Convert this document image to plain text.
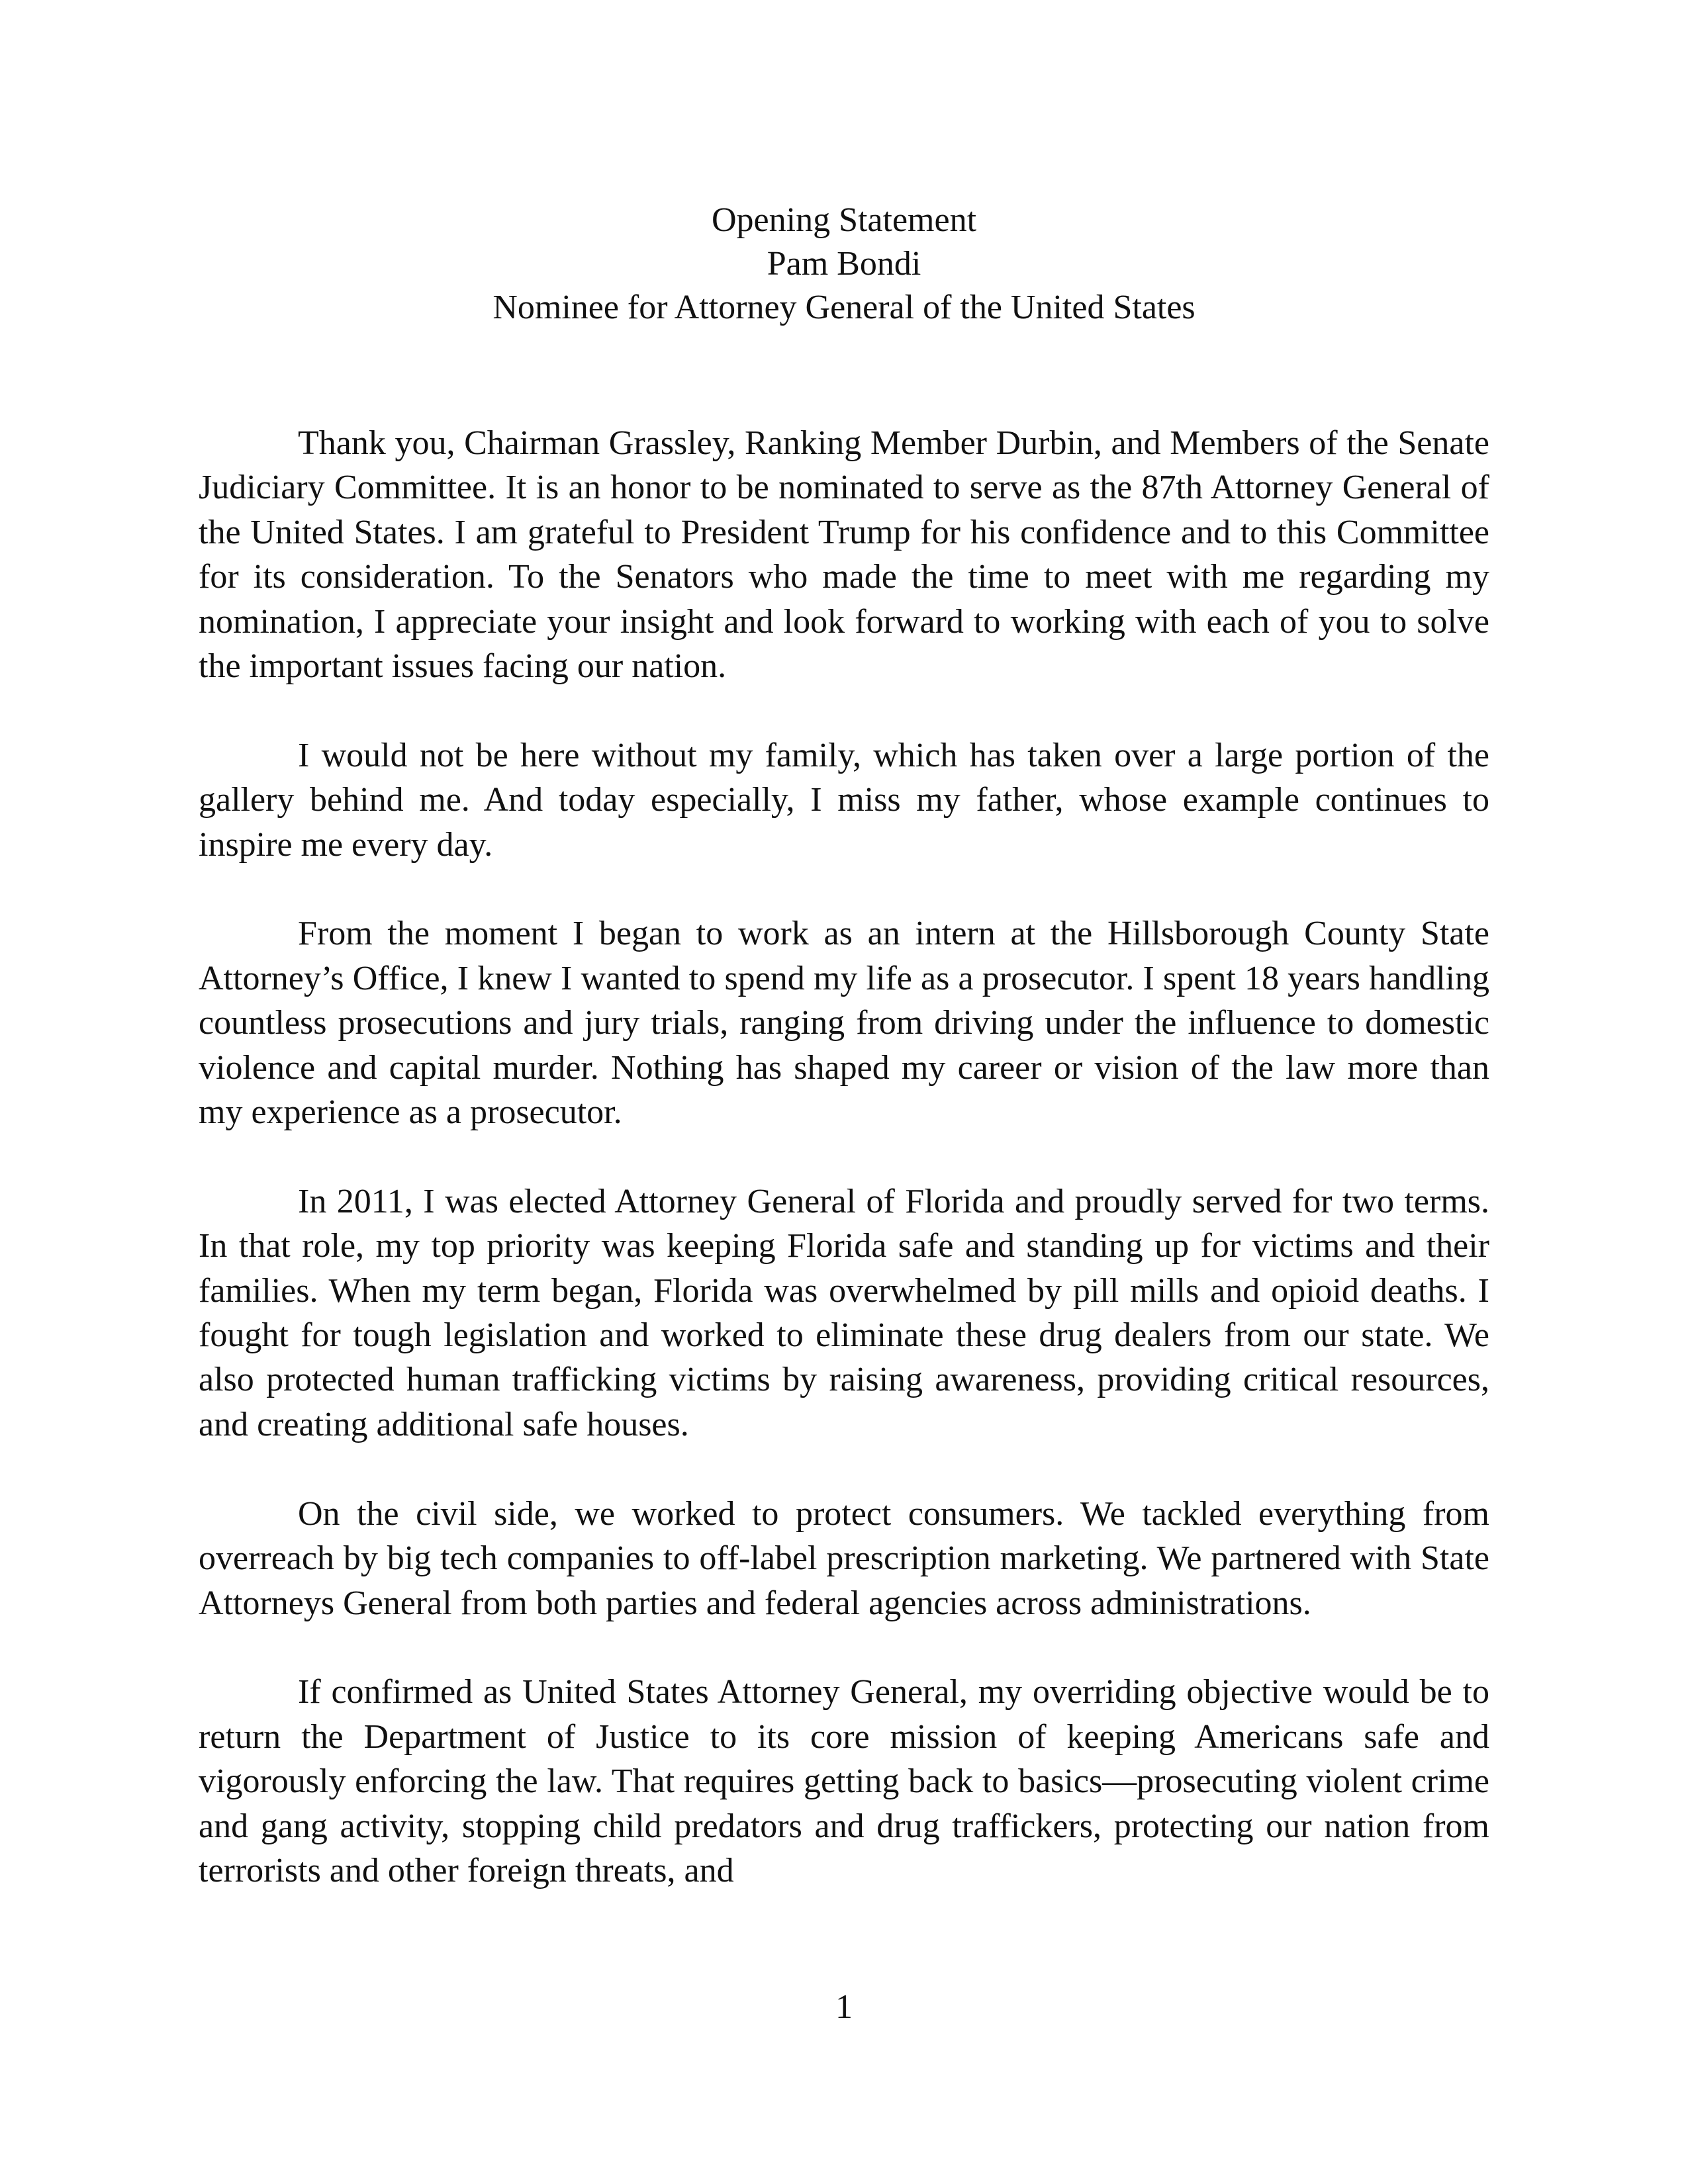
Opening Statement
Pam Bondi
Nominee for Attorney General of the United States

Thank you, Chairman Grassley, Ranking Member Durbin, and Members of the Senate Judiciary Committee. It is an honor to be nominated to serve as the 87th Attorney General of the United States. I am grateful to President Trump for his confidence and to this Committee for its consideration. To the Senators who made the time to meet with me regarding my nomination, I appreciate your insight and look forward to working with each of you to solve the important issues facing our nation.

I would not be here without my family, which has taken over a large portion of the gallery behind me. And today especially, I miss my father, whose example continues to inspire me every day.

From the moment I began to work as an intern at the Hillsborough County State Attorney’s Office, I knew I wanted to spend my life as a prosecutor. I spent 18 years handling countless prosecutions and jury trials, ranging from driving under the influence to domestic violence and capital murder. Nothing has shaped my career or vision of the law more than my experience as a prosecutor.

In 2011, I was elected Attorney General of Florida and proudly served for two terms. In that role, my top priority was keeping Florida safe and standing up for victims and their families. When my term began, Florida was overwhelmed by pill mills and opioid deaths. I fought for tough legislation and worked to eliminate these drug dealers from our state. We also protected human trafficking victims by raising awareness, providing critical resources, and creating additional safe houses.

On the civil side, we worked to protect consumers. We tackled everything from overreach by big tech companies to off-label prescription marketing. We partnered with State Attorneys General from both parties and federal agencies across administrations.

If confirmed as United States Attorney General, my overriding objective would be to return the Department of Justice to its core mission of keeping Americans safe and vigorously enforcing the law. That requires getting back to basics—prosecuting violent crime and gang activity, stopping child predators and drug traffickers, protecting our nation from terrorists and other foreign threats, and

1
